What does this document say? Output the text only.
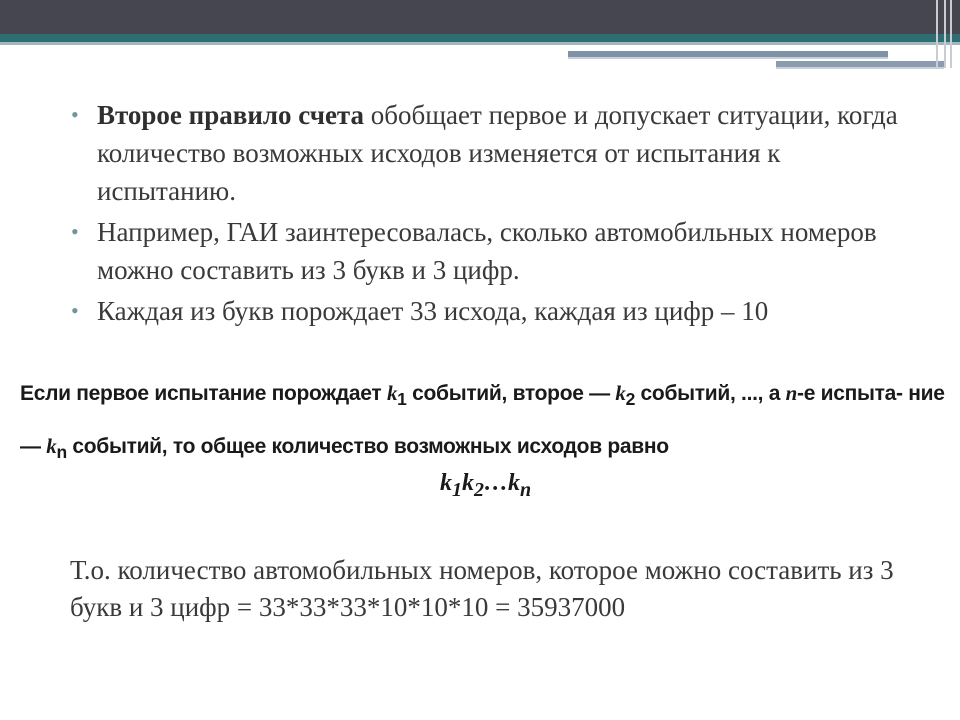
• Второе правило счета обобщает первое и допускает ситуации, когда количество возможных исходов изменяется от испытания к испытанию.
• Например, ГАИ заинтересовалась, сколько автомобильных номеров можно составить из 3 букв и 3 цифр.
• Каждая из букв порождает 33 исхода, каждая из цифр – 10
Если первое испытание порождает $k_1$ событий, второе — $k_2$ событий, ..., а n-е испыта- ние — $k_n$ событий, то общее количество возможных исходов равно
$k_1k_2\dots k_n$
Т.о. количество автомобильных номеров, которое можно составить из 3 букв и 3 цифр = 33*33*33*10*10*10 = 35937000
